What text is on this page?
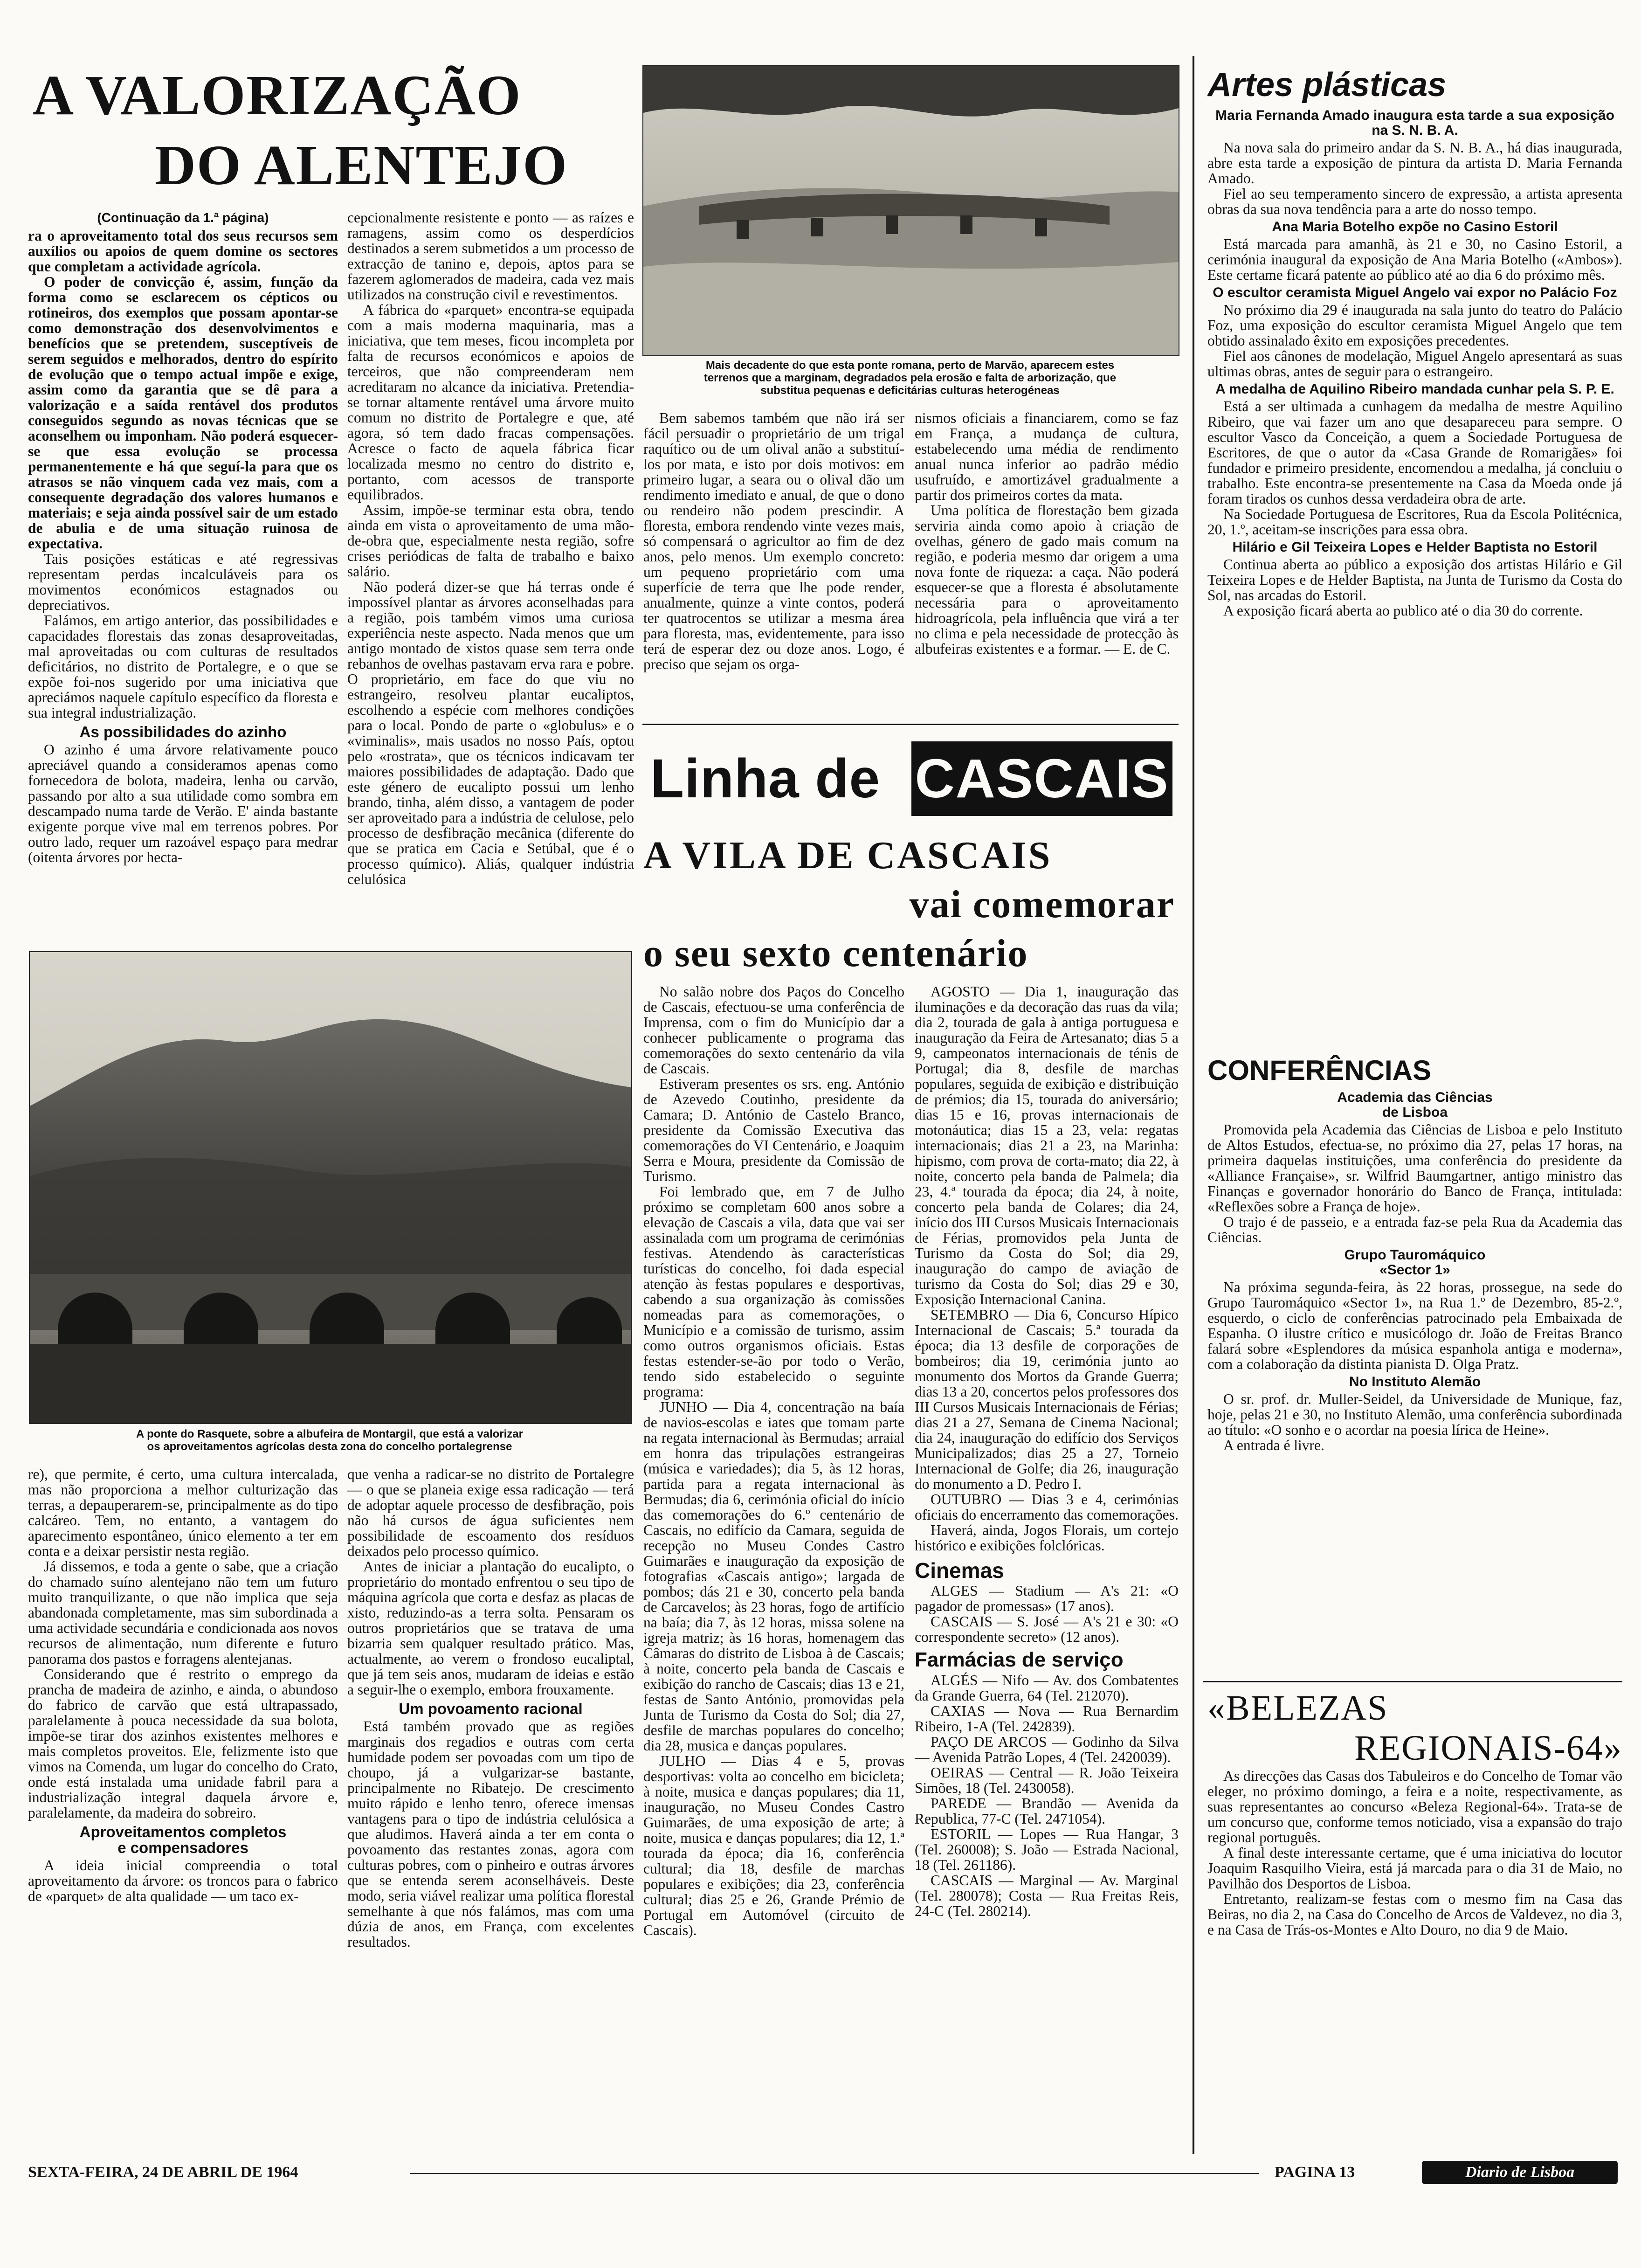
A VALORIZAÇÃO
DO ALENTEJO
(Continuação da 1.ª página)

ra o aproveitamento total dos seus recursos sem auxílios ou apoios de quem domine os sectores que completam a actividade agrícola.

O poder de convicção é, assim, função da forma como se esclarecem os cépticos ou rotineiros, dos exemplos que possam apontar-se como demonstração dos desenvolvimentos e benefícios que se pretendem, susceptíveis de serem seguidos e melhorados, dentro do espírito de evolução que o tempo actual impõe e exige, assim como da garantia que se dê para a valorização e a saída rentável dos produtos conseguidos segundo as novas técnicas que se aconselhem ou imponham. Não poderá esquecer-se que essa evolução se processa permanentemente e há que seguí-la para que os atrasos se não vinquem cada vez mais, com a consequente degradação dos valores humanos e materiais; e seja ainda possível sair de um estado de abulia e de uma situação ruinosa de expectativa.

Tais posições estáticas e até regressivas representam perdas incalculáveis para os movimentos económicos estagnados ou depreciativos.

Falámos, em artigo anterior, das possibilidades e capacidades florestais das zonas desaproveitadas, mal aproveitadas ou com culturas de resultados deficitários, no distrito de Portalegre, e o que se expõe foi-nos sugerido por uma iniciativa que apreciámos naquele capítulo específico da floresta e sua integral industrialização.

As possibilidades do azinho

O azinho é uma árvore relativamente pouco apreciável quando a consideramos apenas como fornecedora de bolota, madeira, lenha ou carvão, passando por alto a sua utilidade como sombra em descampado numa tarde de Verão. E' ainda bastante exigente porque vive mal em terrenos pobres. Por outro lado, requer um razoável espaço para medrar (oitenta árvores por hecta-

cepcionalmente resistente e ponto — as raízes e ramagens, assim como os desperdícios destinados a serem submetidos a um processo de extracção de tanino e, depois, aptos para se fazerem aglomerados de madeira, cada vez mais utilizados na construção civil e revestimentos.

A fábrica do «parquet» encontra-se equipada com a mais moderna maquinaria, mas a iniciativa, que tem meses, ficou incompleta por falta de recursos económicos e apoios de terceiros, que não compreenderam nem acreditaram no alcance da iniciativa. Pretendia-se tornar altamente rentável uma árvore muito comum no distrito de Portalegre e que, até agora, só tem dado fracas compensações. Acresce o facto de aquela fábrica ficar localizada mesmo no centro do distrito e, portanto, com acessos de transporte equilibrados.

Assim, impõe-se terminar esta obra, tendo ainda em vista o aproveitamento de uma mão-de-obra que, especialmente nesta região, sofre crises periódicas de falta de trabalho e baixo salário.

Não poderá dizer-se que há terras onde é impossível plantar as árvores aconselhadas para a região, pois também vimos uma curiosa experiência neste aspecto. Nada menos que um antigo montado de xistos quase sem terra onde rebanhos de ovelhas pastavam erva rara e pobre. O proprietário, em face do que viu no estrangeiro, resolveu plantar eucaliptos, escolhendo a espécie com melhores condições para o local. Pondo de parte o «globulus» e o «viminalis», mais usados no nosso País, optou pelo «rostrata», que os técnicos indicavam ter maiores possibilidades de adaptação. Dado que este género de eucalipto possui um lenho brando, tinha, além disso, a vantagem de poder ser aproveitado para a indústria de celulose, pelo processo de desfibração mecânica (diferente do que se pratica em Cacia e Setúbal, que é o processo químico). Aliás, qualquer indústria celulósica

A ponte do Rasquete, sobre a albufeira de Montargil, que está a valorizar
os aproveitamentos agrícolas desta zona do concelho portalegrense

re), que permite, é certo, uma cultura intercalada, mas não proporciona a melhor culturização das terras, a depauperarem-se, principalmente as do tipo calcáreo. Tem, no entanto, a vantagem do aparecimento espontâneo, único elemento a ter em conta e a deixar persistir nesta região.

Já dissemos, e toda a gente o sabe, que a criação do chamado suíno alentejano não tem um futuro muito tranquilizante, o que não implica que seja abandonada completamente, mas sim subordinada a uma actividade secundária e condicionada aos novos recursos de alimentação, num diferente e futuro panorama dos pastos e forragens alentejanas.

Considerando que é restrito o emprego da prancha de madeira de azinho, e ainda, o abundoso do fabrico de carvão que está ultrapassado, paralelamente à pouca necessidade da sua bolota, impõe-se tirar dos azinhos existentes melhores e mais completos proveitos. Ele, felizmente isto que vimos na Comenda, um lugar do concelho do Crato, onde está instalada uma unidade fabril para a industrialização integral daquela árvore e, paralelamente, da madeira do sobreiro.

Aproveitamentos completos
e compensadores

A ideia inicial compreendia o total aproveitamento da árvore: os troncos para o fabrico de «parquet» de alta qualidade — um taco ex-

que venha a radicar-se no distrito de Portalegre — o que se planeia exige essa radicação — terá de adoptar aquele processo de desfibração, pois não há cursos de água suficientes nem possibilidade de escoamento dos resíduos deixados pelo processo químico.

Antes de iniciar a plantação do eucalipto, o proprietário do montado enfrentou o seu tipo de máquina agrícola que corta e desfaz as placas de xisto, reduzindo-as a terra solta. Pensaram os outros proprietários que se tratava de uma bizarria sem qualquer resultado prático. Mas, actualmente, ao verem o frondoso eucaliptal, que já tem seis anos, mudaram de ideias e estão a seguir-lhe o exemplo, embora frouxamente.

Um povoamento racional

Está também provado que as regiões marginais dos regadios e outras com certa humidade podem ser povoadas com um tipo de choupo, já a vulgarizar-se bastante, principalmente no Ribatejo. De crescimento muito rápido e lenho tenro, oferece imensas vantagens para o tipo de indústria celulósica a que aludimos. Haverá ainda a ter em conta o povoamento das restantes zonas, agora com culturas pobres, com o pinheiro e outras árvores que se entenda serem aconselháveis. Deste modo, seria viável realizar uma política florestal semelhante à que nós falámos, mas com uma dúzia de anos, em França, com excelentes resultados.

Mais decadente do que esta ponte romana, perto de Marvão, aparecem estes
terrenos que a marginam, degradados pela erosão e falta de arborização, que
substitua pequenas e deficitárias culturas heterogéneas

Bem sabemos também que não irá ser fácil persuadir o proprietário de um trigal raquítico ou de um olival anão a substituí-los por mata, e isto por dois motivos: em primeiro lugar, a seara ou o olival dão um rendimento imediato e anual, de que o dono ou rendeiro não podem prescindir. A floresta, embora rendendo vinte vezes mais, só compensará o agricultor ao fim de dez anos, pelo menos. Um exemplo concreto: um pequeno proprietário com uma superfície de terra que lhe pode render, anualmente, quinze a vinte contos, poderá ter quatrocentos se utilizar a mesma área para floresta, mas, evidentemente, para isso terá de esperar dez ou doze anos. Logo, é preciso que sejam os orga-

nismos oficiais a financiarem, como se faz em França, a mudança de cultura, estabelecendo uma média de rendimento anual nunca inferior ao padrão médio usufruído, e amortizável gradualmente a partir dos primeiros cortes da mata.

Uma política de florestação bem gizada serviria ainda como apoio à criação de ovelhas, género de gado mais comum na região, e poderia mesmo dar origem a uma nova fonte de riqueza: a caça. Não poderá esquecer-se que a floresta é absolutamente necessária para o aproveitamento hidroagrícola, pela influência que virá a ter no clima e pela necessidade de protecção às albufeiras existentes e a formar. — E. de C.

Linha de CASCAIS
A VILA DE CASCAIS
vai comemorar
o seu sexto centenário

No salão nobre dos Paços do Concelho de Cascais, efectuou-se uma conferência de Imprensa, com o fim do Município dar a conhecer publicamente o programa das comemorações do sexto centenário da vila de Cascais.

Estiveram presentes os srs. eng. António de Azevedo Coutinho, presidente da Camara; D. António de Castelo Branco, presidente da Comissão Executiva das comemorações do VI Centenário, e Joaquim Serra e Moura, presidente da Comissão de Turismo.

Foi lembrado que, em 7 de Julho próximo se completam 600 anos sobre a elevação de Cascais a vila, data que vai ser assinalada com um programa de cerimónias festivas. Atendendo às características turísticas do concelho, foi dada especial atenção às festas populares e desportivas, cabendo a sua organização às comissões nomeadas para as comemorações, o Município e a comissão de turismo, assim como outros organismos oficiais. Estas festas estender-se-ão por todo o Verão, tendo sido estabelecido o seguinte programa:

JUNHO — Dia 4, concentração na baía de navios-escolas e iates que tomam parte na regata internacional às Bermudas; arraial em honra das tripulações estrangeiras (música e variedades); dia 5, às 12 horas, partida para a regata internacional às Bermudas; dia 6, cerimónia oficial do início das comemorações do 6.º centenário de Cascais, no edifício da Camara, seguida de recepção no Museu Condes Castro Guimarães e inauguração da exposição de fotografias «Cascais antigo»; largada de pombos; dás 21 e 30, concerto pela banda de Carcavelos; às 23 horas, fogo de artifício na baía; dia 7, às 12 horas, missa solene na igreja matriz; às 16 horas, homenagem das Câmaras do distrito de Lisboa à de Cascais; à noite, concerto pela banda de Cascais e exibição do rancho de Cascais; dias 13 e 21, festas de Santo António, promovidas pela Junta de Turismo da Costa do Sol; dia 27, desfile de marchas populares do concelho; dia 28, musica e danças populares.

JULHO — Dias 4 e 5, provas desportivas: volta ao concelho em bicicleta; à noite, musica e danças populares; dia 11, inauguração, no Museu Condes Castro Guimarães, de uma exposição de arte; à noite, musica e danças populares; dia 12, 1.ª tourada da época; dia 16, conferência cultural; dia 18, desfile de marchas populares e exibições; dia 23, conferência cultural; dias 25 e 26, Grande Prémio de Portugal em Automóvel (circuito de Cascais).

AGOSTO — Dia 1, inauguração das iluminações e da decoração das ruas da vila; dia 2, tourada de gala à antiga portuguesa e inauguração da Feira de Artesanato; dias 5 a 9, campeonatos internacionais de ténis de Portugal; dia 8, desfile de marchas populares, seguida de exibição e distribuição de prémios; dia 15, tourada do aniversário; dias 15 e 16, provas internacionais de motonáutica; dias 15 a 23, vela: regatas internacionais; dias 21 a 23, na Marinha: hipismo, com prova de corta-mato; dia 22, à noite, concerto pela banda de Palmela; dia 23, 4.ª tourada da época; dia 24, à noite, concerto pela banda de Colares; dia 24, início dos III Cursos Musicais Internacionais de Férias, promovidos pela Junta de Turismo da Costa do Sol; dia 29, inauguração do campo de aviação de turismo da Costa do Sol; dias 29 e 30, Exposição Internacional Canina.

SETEMBRO — Dia 6, Concurso Hípico Internacional de Cascais; 5.ª tourada da época; dia 13 desfile de corporações de bombeiros; dia 19, cerimónia junto ao monumento dos Mortos da Grande Guerra; dias 13 a 20, concertos pelos professores dos III Cursos Musicais Internacionais de Férias; dias 21 a 27, Semana de Cinema Nacional; dia 24, inauguração do edifício dos Serviços Municipalizados; dias 25 a 27, Torneio Internacional de Golfe; dia 26, inauguração do monumento a D. Pedro I.

OUTUBRO — Dias 3 e 4, cerimónias oficiais do encerramento das comemorações.

Haverá, ainda, Jogos Florais, um cortejo histórico e exibições folclóricas.

Cinemas

ALGES — Stadium — A's 21: «O pagador de promessas» (17 anos).

CASCAIS — S. José — A's 21 e 30: «O correspondente secreto» (12 anos).

Farmácias de serviço

ALGÉS — Nifo — Av. dos Combatentes da Grande Guerra, 64 (Tel. 212070).

CAXIAS — Nova — Rua Bernardim Ribeiro, 1-A (Tel. 242839).

PAÇO DE ARCOS — Godinho da Silva — Avenida Patrão Lopes, 4 (Tel. 2420039).

OEIRAS — Central — R. João Teixeira Simões, 18 (Tel. 2430058).

PAREDE — Brandão — Avenida da Republica, 77-C (Tel. 2471054).

ESTORIL — Lopes — Rua Hangar, 3 (Tel. 260008); S. João — Estrada Nacional, 18 (Tel. 261186).

CASCAIS — Marginal — Av. Marginal (Tel. 280078); Costa — Rua Freitas Reis, 24-C (Tel. 280214).

Artes plásticas
Maria Fernanda Amado inaugura esta tarde a sua exposição na S. N. B. A.

Na nova sala do primeiro andar da S. N. B. A., há dias inaugurada, abre esta tarde a exposição de pintura da artista D. Maria Fernanda Amado.

Fiel ao seu temperamento sincero de expressão, a artista apresenta obras da sua nova tendência para a arte do nosso tempo.

Ana Maria Botelho expõe no Casino Estoril

Está marcada para amanhã, às 21 e 30, no Casino Estoril, a cerimónia inaugural da exposição de Ana Maria Botelho («Ambos»). Este certame ficará patente ao público até ao dia 6 do próximo mês.

O escultor ceramista Miguel Angelo vai expor no Palácio Foz

No próximo dia 29 é inaugurada na sala junto do teatro do Palácio Foz, uma exposição do escultor ceramista Miguel Angelo que tem obtido assinalado êxito em exposições precedentes.

Fiel aos cânones de modelação, Miguel Angelo apresentará as suas ultimas obras, antes de seguir para o estrangeiro.

A medalha de Aquilino Ribeiro mandada cunhar pela S. P. E.

Está a ser ultimada a cunhagem da medalha de mestre Aquilino Ribeiro, que vai fazer um ano que desapareceu para sempre. O escultor Vasco da Conceição, a quem a Sociedade Portuguesa de Escritores, de que o autor da «Casa Grande de Romarigães» foi fundador e primeiro presidente, encomendou a medalha, já concluiu o trabalho. Este encontra-se presentemente na Casa da Moeda onde já foram tirados os cunhos dessa verdadeira obra de arte.

Na Sociedade Portuguesa de Escritores, Rua da Escola Politécnica, 20, 1.º, aceitam-se inscrições para essa obra.

Hilário e Gil Teixeira Lopes e Helder Baptista no Estoril

Continua aberta ao público a exposição dos artistas Hilário e Gil Teixeira Lopes e de Helder Baptista, na Junta de Turismo da Costa do Sol, nas arcadas do Estoril.

A exposição ficará aberta ao publico até o dia 30 do corrente.

CONFERÊNCIAS
Academia das Ciências
de Lisboa

Promovida pela Academia das Ciências de Lisboa e pelo Instituto de Altos Estudos, efectua-se, no próximo dia 27, pelas 17 horas, na primeira daquelas instituições, uma conferência do presidente da «Alliance Française», sr. Wilfrid Baumgartner, antigo ministro das Finanças e governador honorário do Banco de França, intitulada: «Reflexões sobre a França de hoje».

O trajo é de passeio, e a entrada faz-se pela Rua da Academia das Ciências.

Grupo Tauromáquico
«Sector 1»

Na próxima segunda-feira, às 22 horas, prossegue, na sede do Grupo Tauromáquico «Sector 1», na Rua 1.º de Dezembro, 85-2.º, esquerdo, o ciclo de conferências patrocinado pela Embaixada de Espanha. O ilustre crítico e musicólogo dr. João de Freitas Branco falará sobre «Esplendores da música espanhola antiga e moderna», com a colaboração da distinta pianista D. Olga Pratz.

No Instituto Alemão

O sr. prof. dr. Muller-Seidel, da Universidade de Munique, faz, hoje, pelas 21 e 30, no Instituto Alemão, uma conferência subordinada ao título: «O sonho e o acordar na poesia lírica de Heine».

A entrada é livre.

«BELEZAS
REGIONAIS-64»

As direcções das Casas dos Tabuleiros e do Concelho de Tomar vão eleger, no próximo domingo, a feira e a noite, respectivamente, as suas representantes ao concurso «Beleza Regional-64». Trata-se de um concurso que, conforme temos noticiado, visa a expansão do trajo regional português.

A final deste interessante certame, que é uma iniciativa do locutor Joaquim Rasquilho Vieira, está já marcada para o dia 31 de Maio, no Pavilhão dos Desportos de Lisboa.

Entretanto, realizam-se festas com o mesmo fim na Casa das Beiras, no dia 2, na Casa do Concelho de Arcos de Valdevez, no dia 3, e na Casa de Trás-os-Montes e Alto Douro, no dia 9 de Maio.

SEXTA-FEIRA, 24 DE ABRIL DE 1964	PAGINA 13	Diario de Lisboa
